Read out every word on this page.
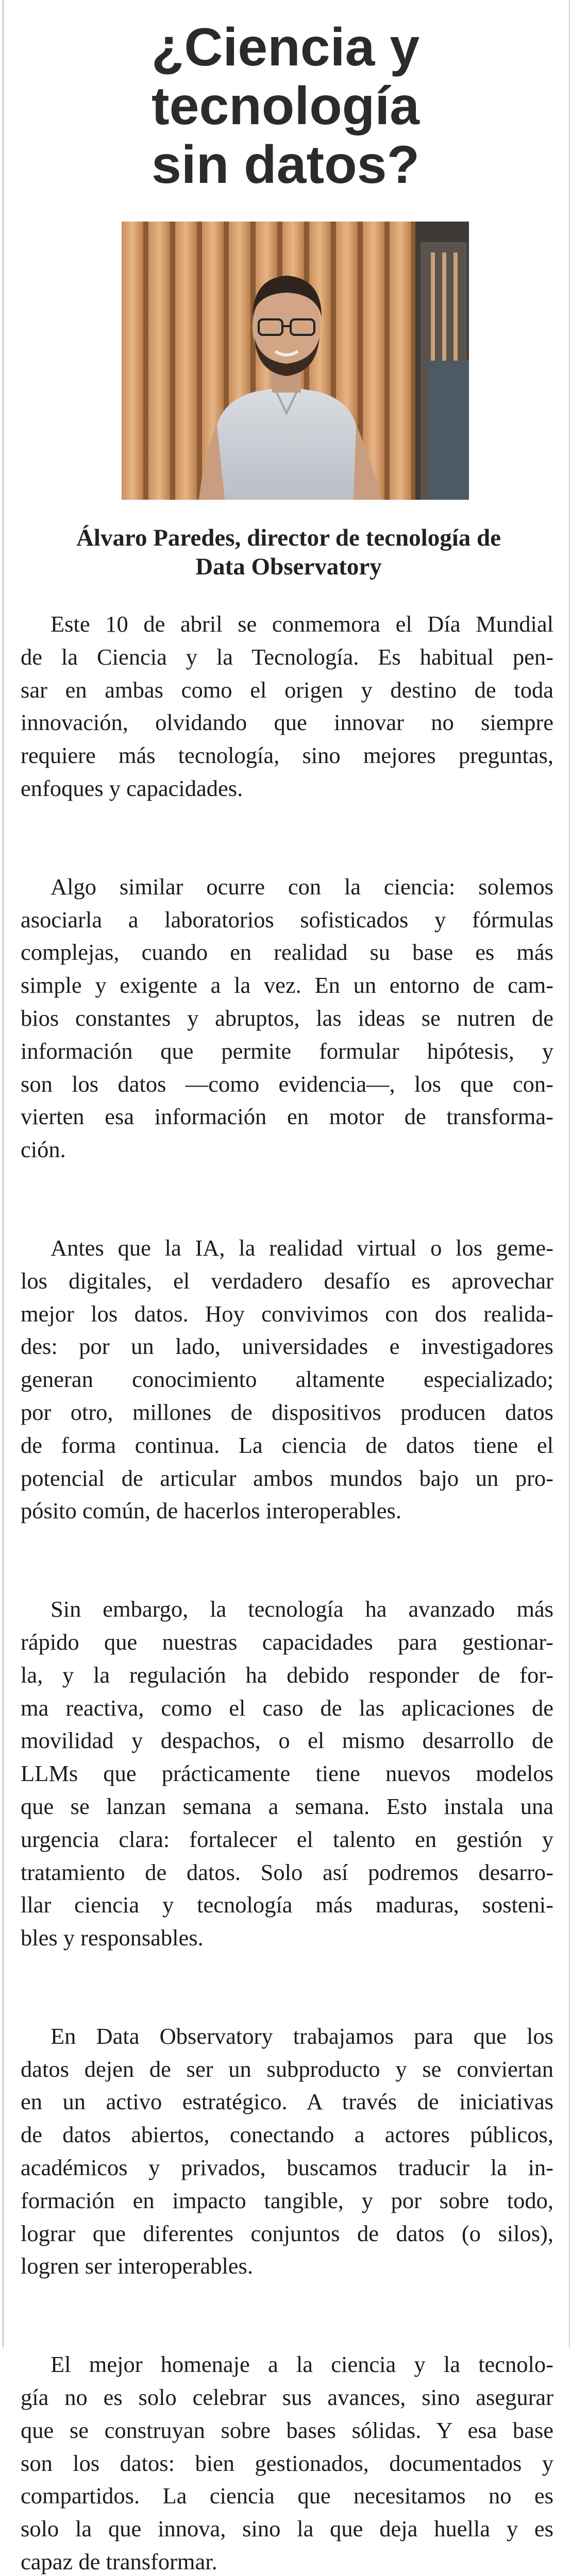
¿Ciencia y
tecnología
sin datos?
Álvaro Paredes, director de tecnología de
Data Observatory

Este 10 de abril se conmemora el Día Mundial
de la Ciencia y la Tecnología. Es habitual pen-
sar en ambas como el origen y destino de toda
innovación, olvidando que innovar no siempre
requiere más tecnología, sino mejores preguntas,
enfoques y capacidades.

Algo similar ocurre con la ciencia: solemos
asociarla a laboratorios sofisticados y fórmulas
complejas, cuando en realidad su base es más
simple y exigente a la vez. En un entorno de cam-
bios constantes y abruptos, las ideas se nutren de
información que permite formular hipótesis, y
son los datos —como evidencia—, los que con-
vierten esa información en motor de transforma-
ción.

Antes que la IA, la realidad virtual o los geme-
los digitales, el verdadero desafío es aprovechar
mejor los datos. Hoy convivimos con dos realida-
des: por un lado, universidades e investigadores
generan conocimiento altamente especializado;
por otro, millones de dispositivos producen datos
de forma continua. La ciencia de datos tiene el
potencial de articular ambos mundos bajo un pro-
pósito común, de hacerlos interoperables.

Sin embargo, la tecnología ha avanzado más
rápido que nuestras capacidades para gestionar-
la, y la regulación ha debido responder de for-
ma reactiva, como el caso de las aplicaciones de
movilidad y despachos, o el mismo desarrollo de
LLMs que prácticamente tiene nuevos modelos
que se lanzan semana a semana. Esto instala una
urgencia clara: fortalecer el talento en gestión y
tratamiento de datos. Solo así podremos desarro-
llar ciencia y tecnología más maduras, sosteni-
bles y responsables.

En Data Observatory trabajamos para que los
datos dejen de ser un subproducto y se conviertan
en un activo estratégico. A través de iniciativas
de datos abiertos, conectando a actores públicos,
académicos y privados, buscamos traducir la in-
formación en impacto tangible, y por sobre todo,
lograr que diferentes conjuntos de datos (o silos),
logren ser interoperables.

El mejor homenaje a la ciencia y la tecnolo-
gía no es solo celebrar sus avances, sino asegurar
que se construyan sobre bases sólidas. Y esa base
son los datos: bien gestionados, documentados y
compartidos. La ciencia que necesitamos no es
solo la que innova, sino la que deja huella y es
capaz de transformar.
